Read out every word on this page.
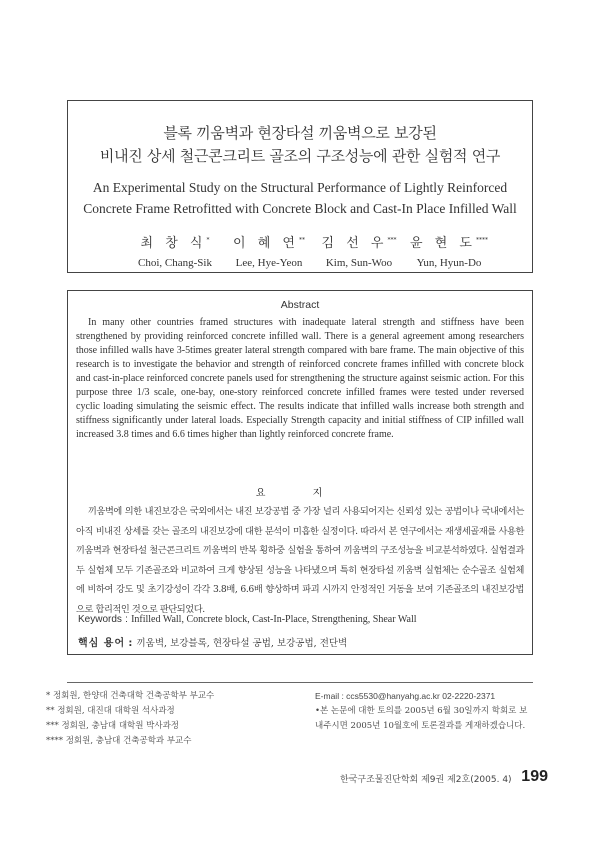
블록 끼움벽과 현장타설 끼움벽으로 보강된
비내진 상세 철근콘크리트 골조의 구조성능에 관한 실험적 연구
An Experimental Study on the Structural Performance of Lightly Reinforced
Concrete Frame Retrofitted with Concrete Block and Cast-In Place Infilled Wall
최 창 식*
Choi, Chang-Sik
이 혜 연**
Lee, Hye-Yeon
김 선 우***
Kim, Sun-Woo
윤 현 도****
Yun, Hyun-Do
Abstract

In many other countries framed structures with inadequate lateral strength and stiffness have been strengthened by providing reinforced concrete infilled wall. There is a general agreement among researchers those infilled walls have 3-5times greater lateral strength compared with bare frame. The main objective of this research is to investigate the behavior and strength of reinforced concrete frames infilled with concrete block and cast-in-place reinforced concrete panels used for strengthening the structure against seismic action. For this purpose three 1/3 scale, one-bay, one-story reinforced concrete infilled frames were tested under reversed cyclic loading simulating the seismic effect. The results indicate that infilled walls increase both strength and stiffness significantly under lateral loads. Especially Strength capacity and initial stiffness of CIP infilled wall increased 3.8 times and 6.6 times higher than lightly reinforced concrete frame.

요 지

끼움벽에 의한 내진보강은 국외에서는 내진 보강공법 중 가장 널리 사용되어지는 신뢰성 있는 공법이나 국내에서는 아직 비내진 상세를 갖는 골조의 내진보강에 대한 분석이 미흡한 실정이다. 따라서 본 연구에서는 재생세골재를 사용한 끼움벽과 현장타설 철근콘크리트 끼움벽의 반복 횡하중 실험을 통하여 끼움벽의 구조성능을 비교분석하였다. 실험결과 두 실험체 모두 기존골조와 비교하여 크게 향상된 성능을 나타냈으며 특히 현장타설 끼움벽 실험체는 순수골조 실험체에 비하여 강도 및 초기강성이 각각 3.8배, 6.6배 향상하며 파괴 시까지 안정적인 거동을 보여 기존골조의 내진보강법으로 합리적인 것으로 판단되었다.

Keywords : Infilled Wall, Concrete block, Cast-In-Place, Strengthening, Shear Wall
핵심 용어 : 끼움벽, 보강블록, 현장타설 공법, 보강공법, 전단벽
* 정회원, 한양대 건축대학 건축공학부 부교수
** 정회원, 대진대 대학원 석사과정
*** 정회원, 충남대 대학원 박사과정
**** 정회원, 충남대 건축공학과 부교수
E-mail : ccs5530@hanyahg.ac.kr 02-2220-2371
•본 논문에 대한 토의를 2005년 6월 30일까지 학회로 보내주시면 2005년 10월호에 토론결과를 게재하겠습니다.
한국구조물진단학회 제9권 제2호(2005. 4) 199
